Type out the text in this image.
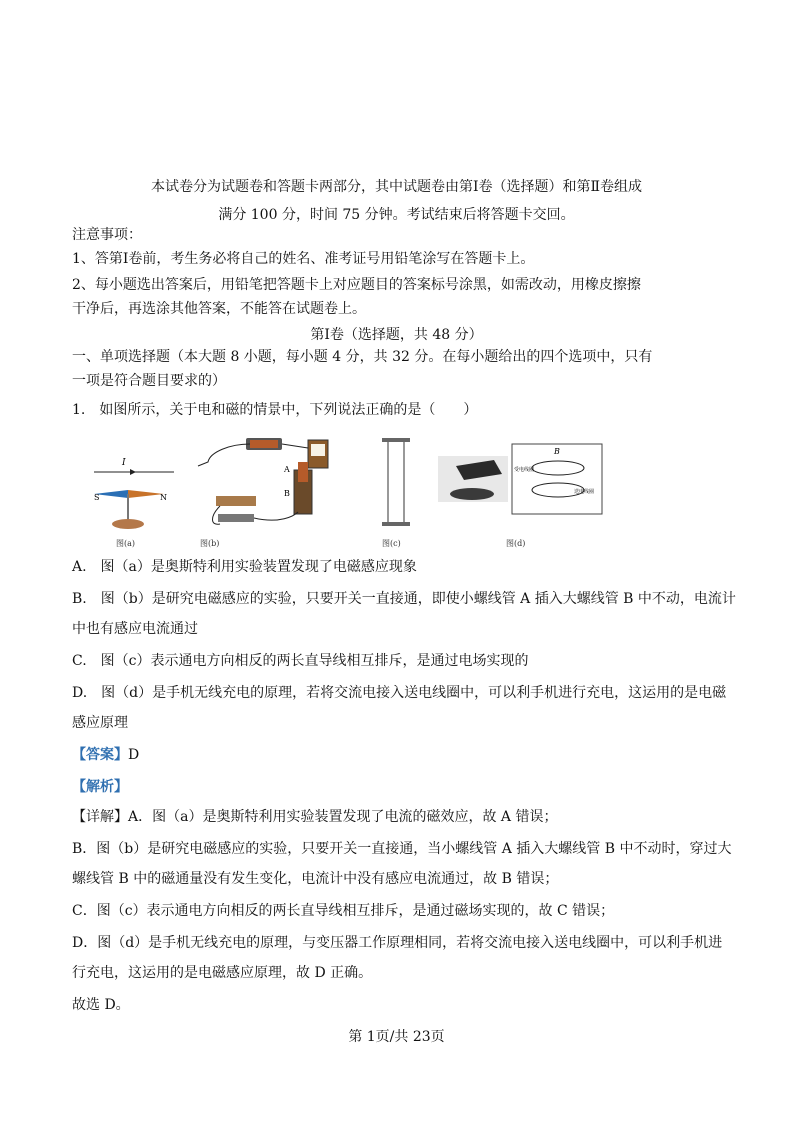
本试卷分为试题卷和答题卡两部分，其中试题卷由第Ⅰ卷（选择题）和第Ⅱ卷组成
满分 100 分，时间 75 分钟。考试结束后将答题卡交回。
注意事项：
1、答第Ⅰ卷前，考生务必将自己的姓名、准考证号用铅笔涂写在答题卡上。
2、每小题选出答案后，用铅笔把答题卡上对应题目的答案标号涂黑，如需改动，用橡皮擦擦
干净后，再选涂其他答案，不能答在试题卷上。
第Ⅰ卷（选择题，共 48 分）
一、单项选择题（本大题 8 小题，每小题 4 分，共 32 分。在每小题给出的四个选项中，只有
一项是符合题目要求的）
1.　如图所示，关于电和磁的情景中，下列说法正确的是（　　）
I
S	N
图(a)
A
B
图(b)	图(c)
B
受电线圈
送电线圈
图(d)
A.　图（a）是奥斯特利用实验装置发现了电磁感应现象
B.　图（b）是研究电磁感应的实验，只要开关一直接通，即使小螺线管 A 插入大螺线管 B 中不动，电流计
中也有感应电流通过
C.　图（c）表示通电方向相反的两长直导线相互排斥，是通过电场实现的
D.　图（d）是手机无线充电的原理，若将交流电接入送电线圈中，可以利手机进行充电，这运用的是电磁
感应原理
【答案】D
【解析】
【详解】A．图（a）是奥斯特利用实验装置发现了电流的磁效应，故 A 错误；
B．图（b）是研究电磁感应的实验，只要开关一直接通，当小螺线管 A 插入大螺线管 B 中不动时，穿过大
螺线管 B 中的磁通量没有发生变化，电流计中没有感应电流通过，故 B 错误；
C．图（c）表示通电方向相反的两长直导线相互排斥，是通过磁场实现的，故 C 错误；
D．图（d）是手机无线充电的原理，与变压器工作原理相同，若将交流电接入送电线圈中，可以利手机进
行充电，这运用的是电磁感应原理，故 D 正确。
故选 D。
第 1页/共 23页
